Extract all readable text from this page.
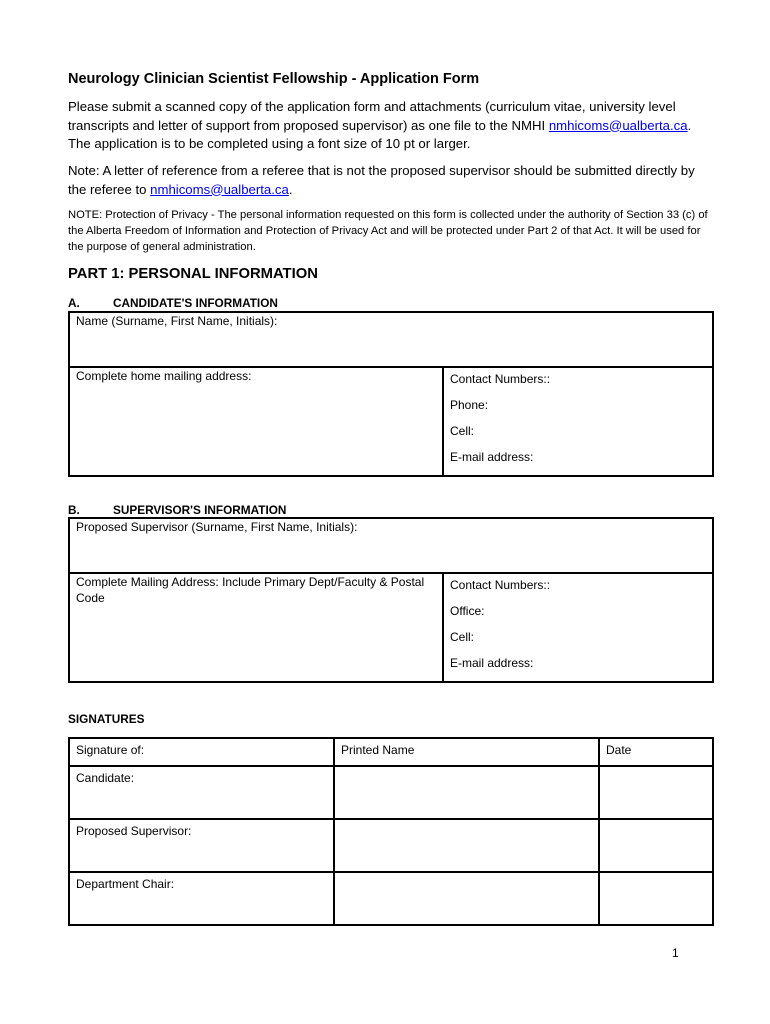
Neurology Clinician Scientist Fellowship - Application Form
Please submit a scanned copy of the application form and attachments (curriculum vitae, university level transcripts and letter of support from proposed supervisor) as one file to the NMHI nmhicoms@ualberta.ca. The application is to be completed using a font size of 10 pt or larger.
Note: A letter of reference from a referee that is not the proposed supervisor should be submitted directly by the referee to nmhicoms@ualberta.ca.
NOTE: Protection of Privacy - The personal information requested on this form is collected under the authority of Section 33 (c) of the Alberta Freedom of Information and Protection of Privacy Act and will be protected under Part 2 of that Act. It will be used for the purpose of general administration.
PART 1: PERSONAL INFORMATION
A.	CANDIDATE'S INFORMATION
Name (Surname, First Name, Initials):
Complete home mailing address:	Contact Numbers::
Phone:
Cell:
E-mail address:
B.	SUPERVISOR'S INFORMATION
Proposed Supervisor (Surname, First Name, Initials):
Complete Mailing Address: Include Primary Dept/Faculty & Postal Code	
Contact Numbers::
Office:
Cell:
E-mail address:
SIGNATURES
Signature of:	Printed Name	Date
Candidate:		
Proposed Supervisor:		
Department Chair:		
1
